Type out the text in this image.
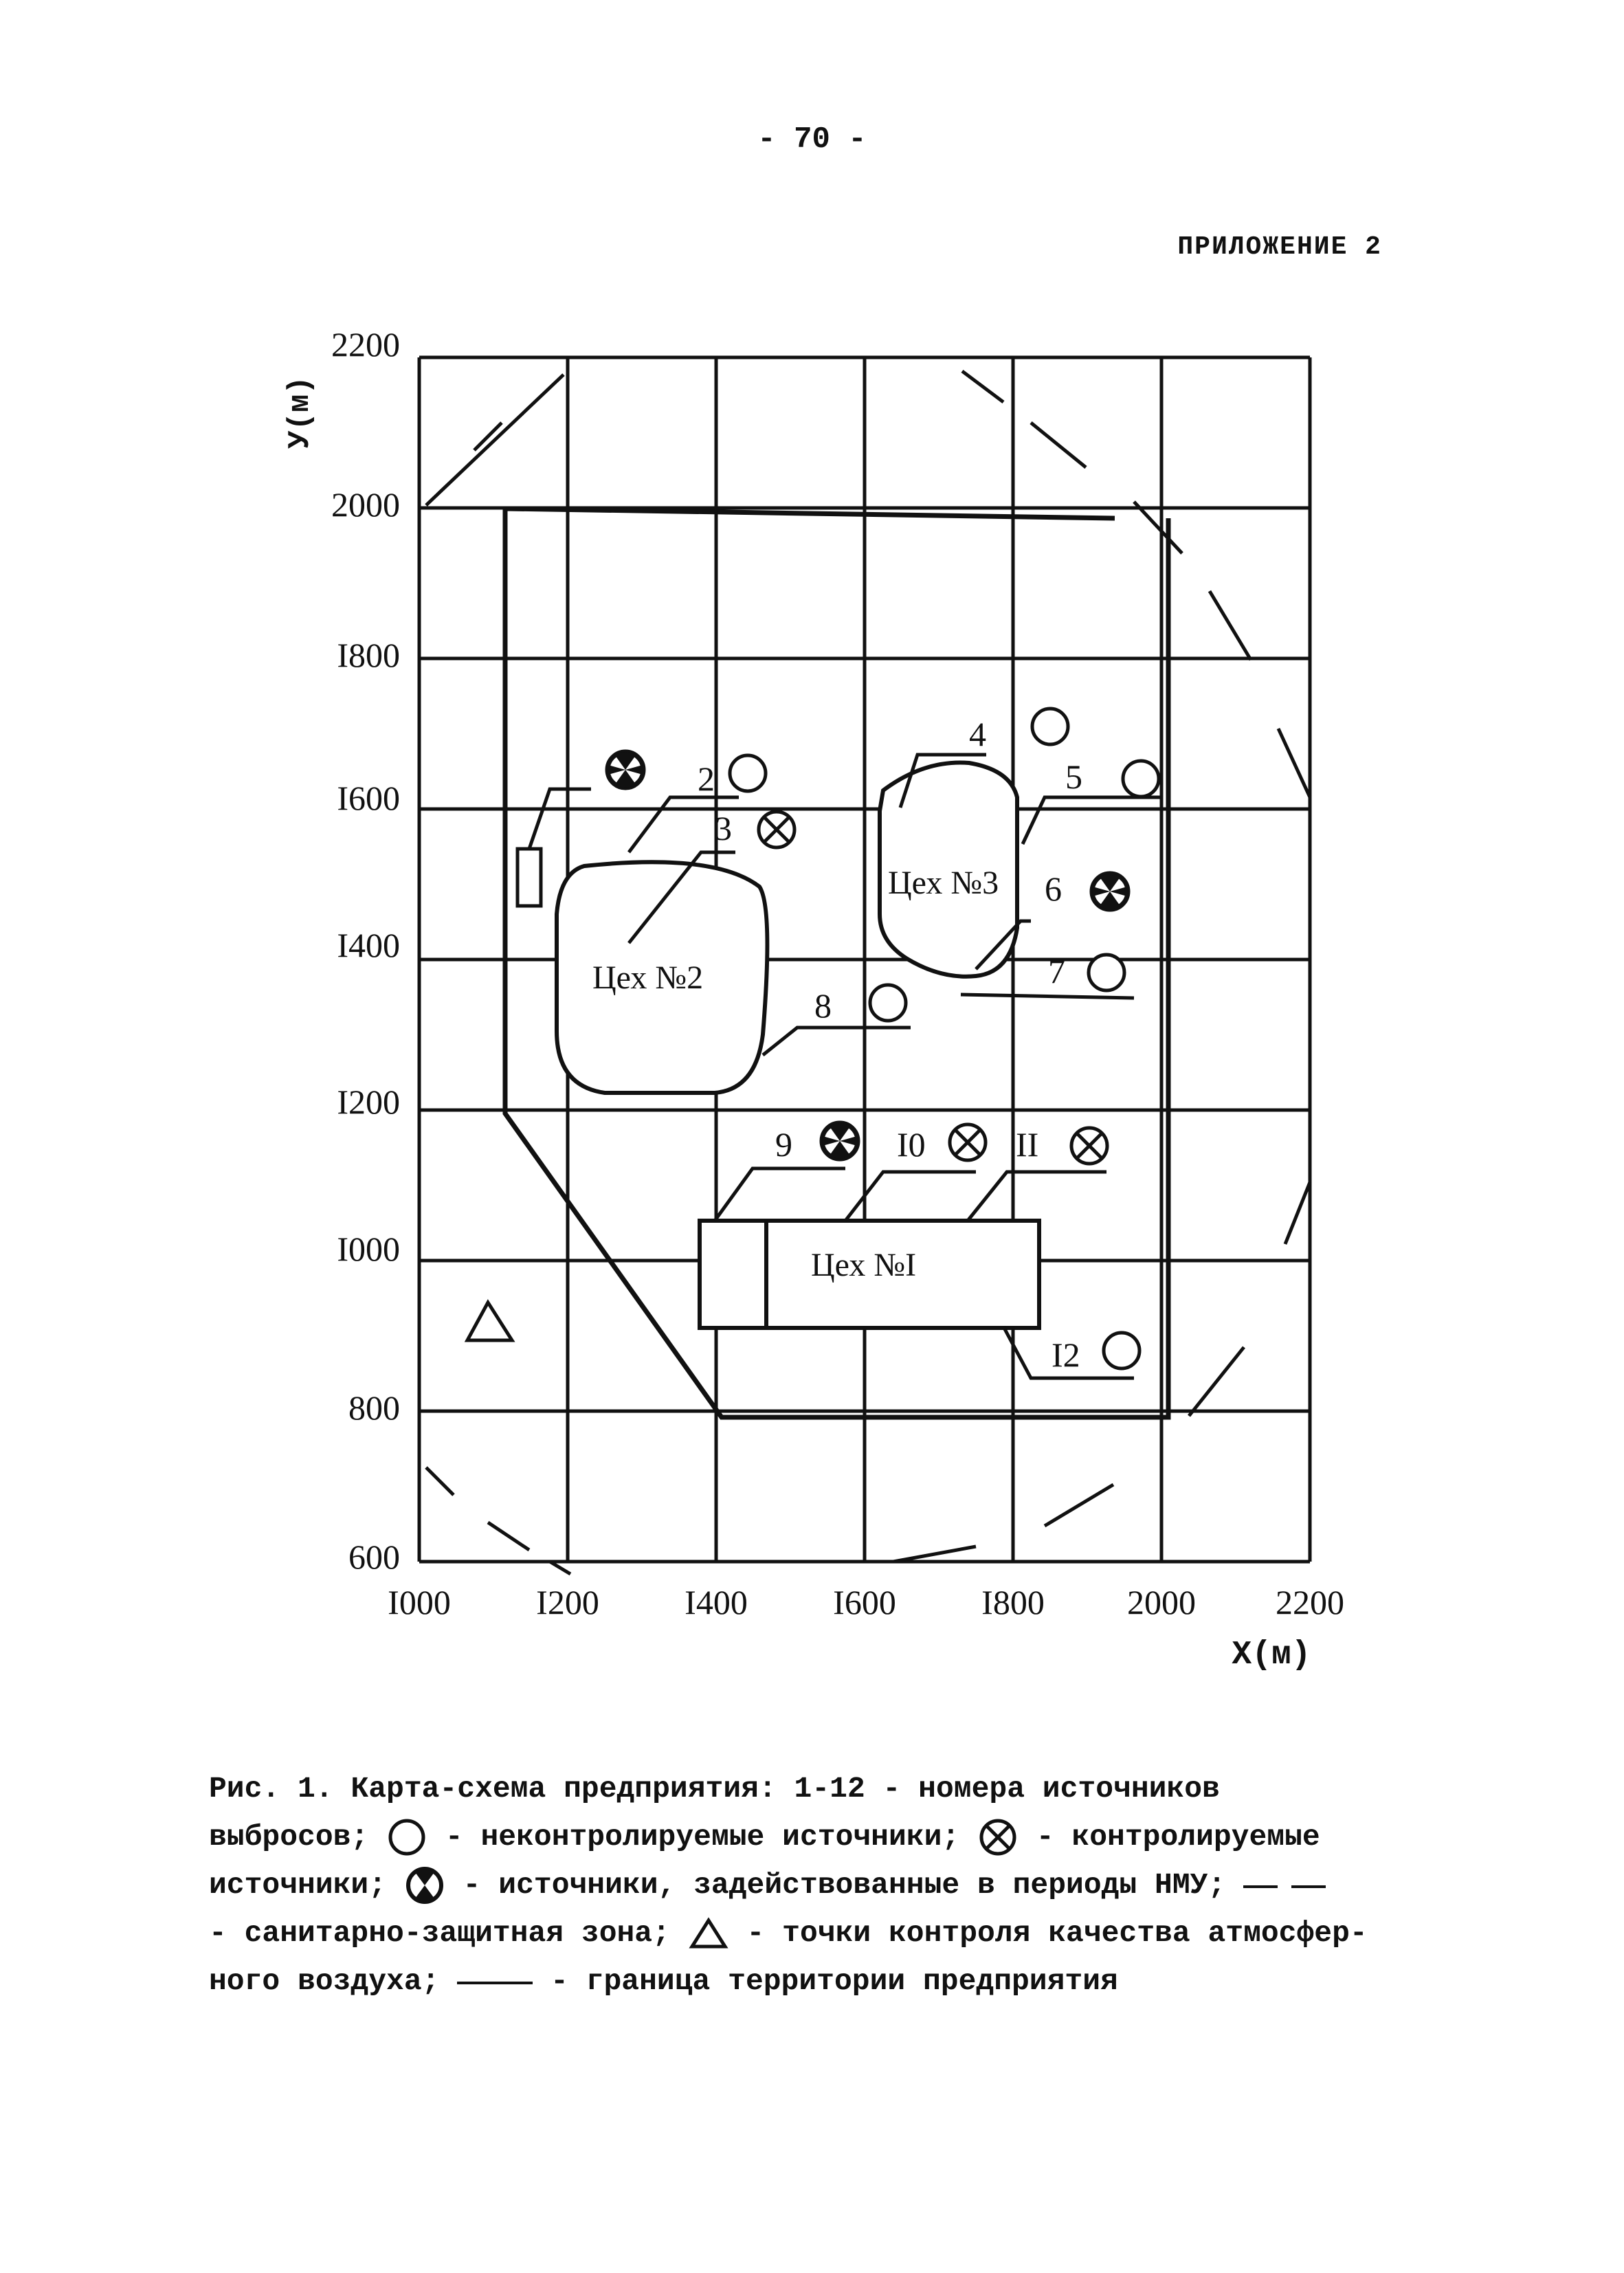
- 70 -
ПРИЛОЖЕНИЕ 2
Цех №2
Цех №3
Цех №I
2
3
4
5
6
7
8
9	I0	II
I2
2200
2000
I800
I600
I400
I200
I000
800
600
I000 I200 I400 I600 I800 2000 2200
X(м)
У(м)
Рис. 1. Карта-схема предприятия: 1-12 - номера источников
выбросов;	- неконтролируемые источники;	- контролируемые
источники;	- источники, задействованные в периоды НМУ;
- санитарно-защитная зона;	- точки контроля качества атмосфер-
ного воздуха;	- граница территории предприятия
